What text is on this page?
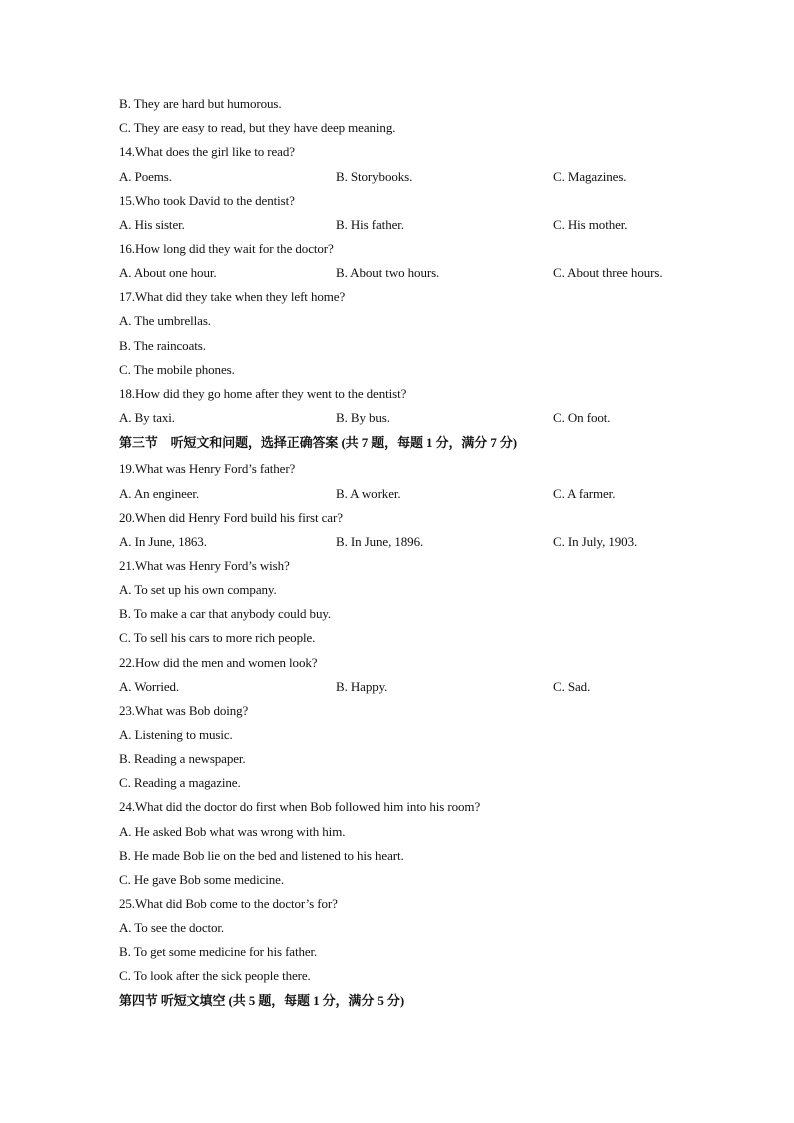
B. They are hard but humorous.
C. They are easy to read, but they have deep meaning.
14.What does the girl like to read?
A. Poems.	B. Storybooks.	C. Magazines.
15.Who took David to the dentist?
A. His sister.	B. His father.	C. His mother.
16.How long did they wait for the doctor?
A. About one hour.	B. About two hours.	C. About three hours.
17.What did they take when they left home?
A. The umbrellas.
B. The raincoats.
C. The mobile phones.
18.How did they go home after they went to the dentist?
A. By taxi.	B. By bus.	C. On foot.
第三节　听短文和问题，选择正确答案 (共 7 题，每题 1 分，满分 7 分)
19.What was Henry Ford’s father?
A. An engineer.	B. A worker.	C. A farmer.
20.When did Henry Ford build his first car?
A. In June, 1863.	B. In June, 1896.	C. In July, 1903.
21.What was Henry Ford’s wish?
A. To set up his own company.
B. To make a car that anybody could buy.
C. To sell his cars to more rich people.
22.How did the men and women look?
A. Worried.	B. Happy.	C. Sad.
23.What was Bob doing?
A. Listening to music.
B. Reading a newspaper.
C. Reading a magazine.
24.What did the doctor do first when Bob followed him into his room?
A. He asked Bob what was wrong with him.
B. He made Bob lie on the bed and listened to his heart.
C. He gave Bob some medicine.
25.What did Bob come to the doctor’s for?
A. To see the doctor.
B. To get some medicine for his father.
C. To look after the sick people there.
第四节 听短文填空 (共 5 题，每题 1 分，满分 5 分)
